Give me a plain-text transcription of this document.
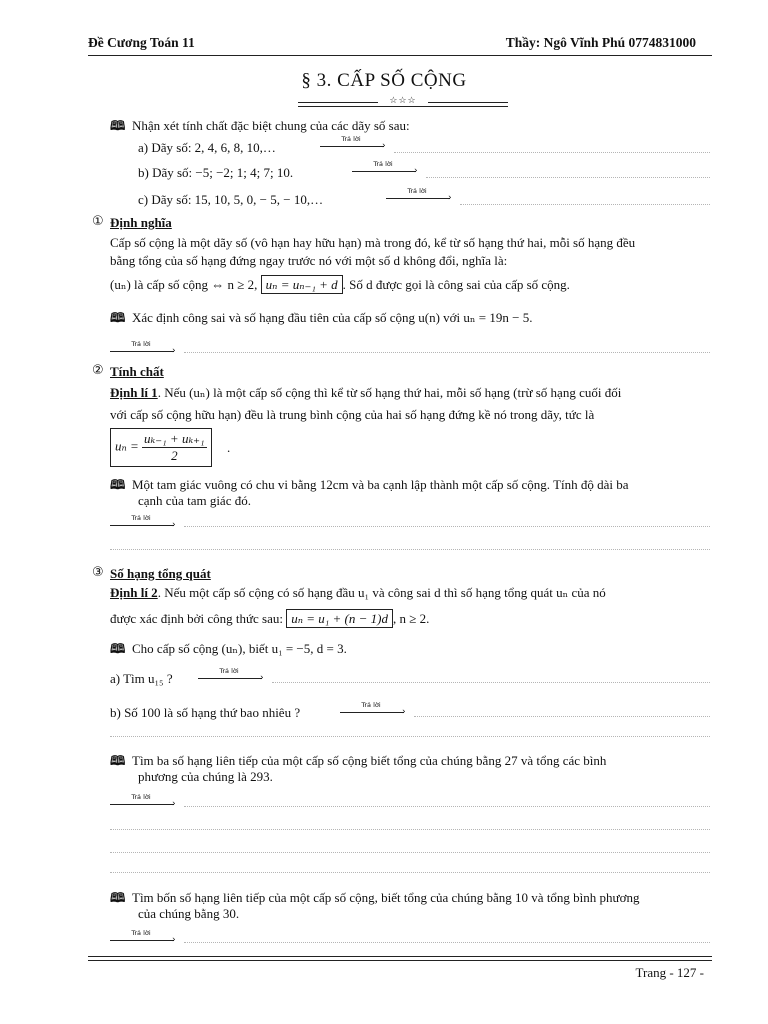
Đề Cương Toán 11	Thầy: Ngô Vĩnh Phú 0774831000
§ 3. CẤP SỐ CỘNG
☆☆☆
🕮 Nhận xét tính chất đặc biệt chung của các dãy số sau:
a) Dãy số: 2, 4, 6, 8, 10,…
Trả lời
›
b) Dãy số: −5; −2; 1; 4; 7; 10.
Trả lời
›
c) Dãy số: 15, 10, 5, 0, − 5, − 10,…
Trả lời
›
① Định nghĩa
Cấp số cộng là một dãy số (vô hạn hay hữu hạn) mà trong đó, kể từ số hạng thứ hai, mỗi số hạng đều
bằng tổng của số hạng đứng ngay trước nó với một số d không đổi, nghĩa là:
(uₙ) là cấp số cộng ⇔ n ≥ 2, uₙ = uₙ₋₁ + d . Số d được gọi là công sai của cấp số cộng.
🕮 Xác định công sai và số hạng đầu tiên của cấp số cộng u(n) với uₙ = 19n − 5.
Trả lời
›
② Tính chất
Định lí 1. Nếu (uₙ) là một cấp số cộng thì kể từ số hạng thứ hai, mỗi số hạng (trừ số hạng cuối đối
với cấp số cộng hữu hạn) đều là trung bình cộng của hai số hạng đứng kề nó trong dãy, tức là
$u_n = \frac{\text{uₖ₋₁ + uₖ₊₁}}{2}$ .
🕮 Một tam giác vuông có chu vi bằng 12cm và ba cạnh lập thành một cấp số cộng. Tính độ dài ba
cạnh của tam giác đó.
Trả lời
›
③ Số hạng tổng quát
Định lí 2. Nếu một cấp số cộng có số hạng đầu u₁ và công sai d thì số hạng tổng quát uₙ của nó
được xác định bởi công thức sau: uₙ = u₁ + (n − 1)d , n ≥ 2.
🕮 Cho cấp số cộng (uₙ), biết u₁ = −5, d = 3.
a) Tìm u₁₅ ?	Trả lời
›
b) Số 100 là số hạng thứ bao nhiêu ?	Trả lời
›
🕮 Tìm ba số hạng liên tiếp của một cấp số cộng biết tổng của chúng bằng 27 và tổng các bình
phương của chúng là 293.
Trả lời
›
🕮 Tìm bốn số hạng liên tiếp của một cấp số cộng, biết tổng của chúng bằng 10 và tổng bình phương
của chúng bằng 30.
Trả lời
›
Trang - 127 -
